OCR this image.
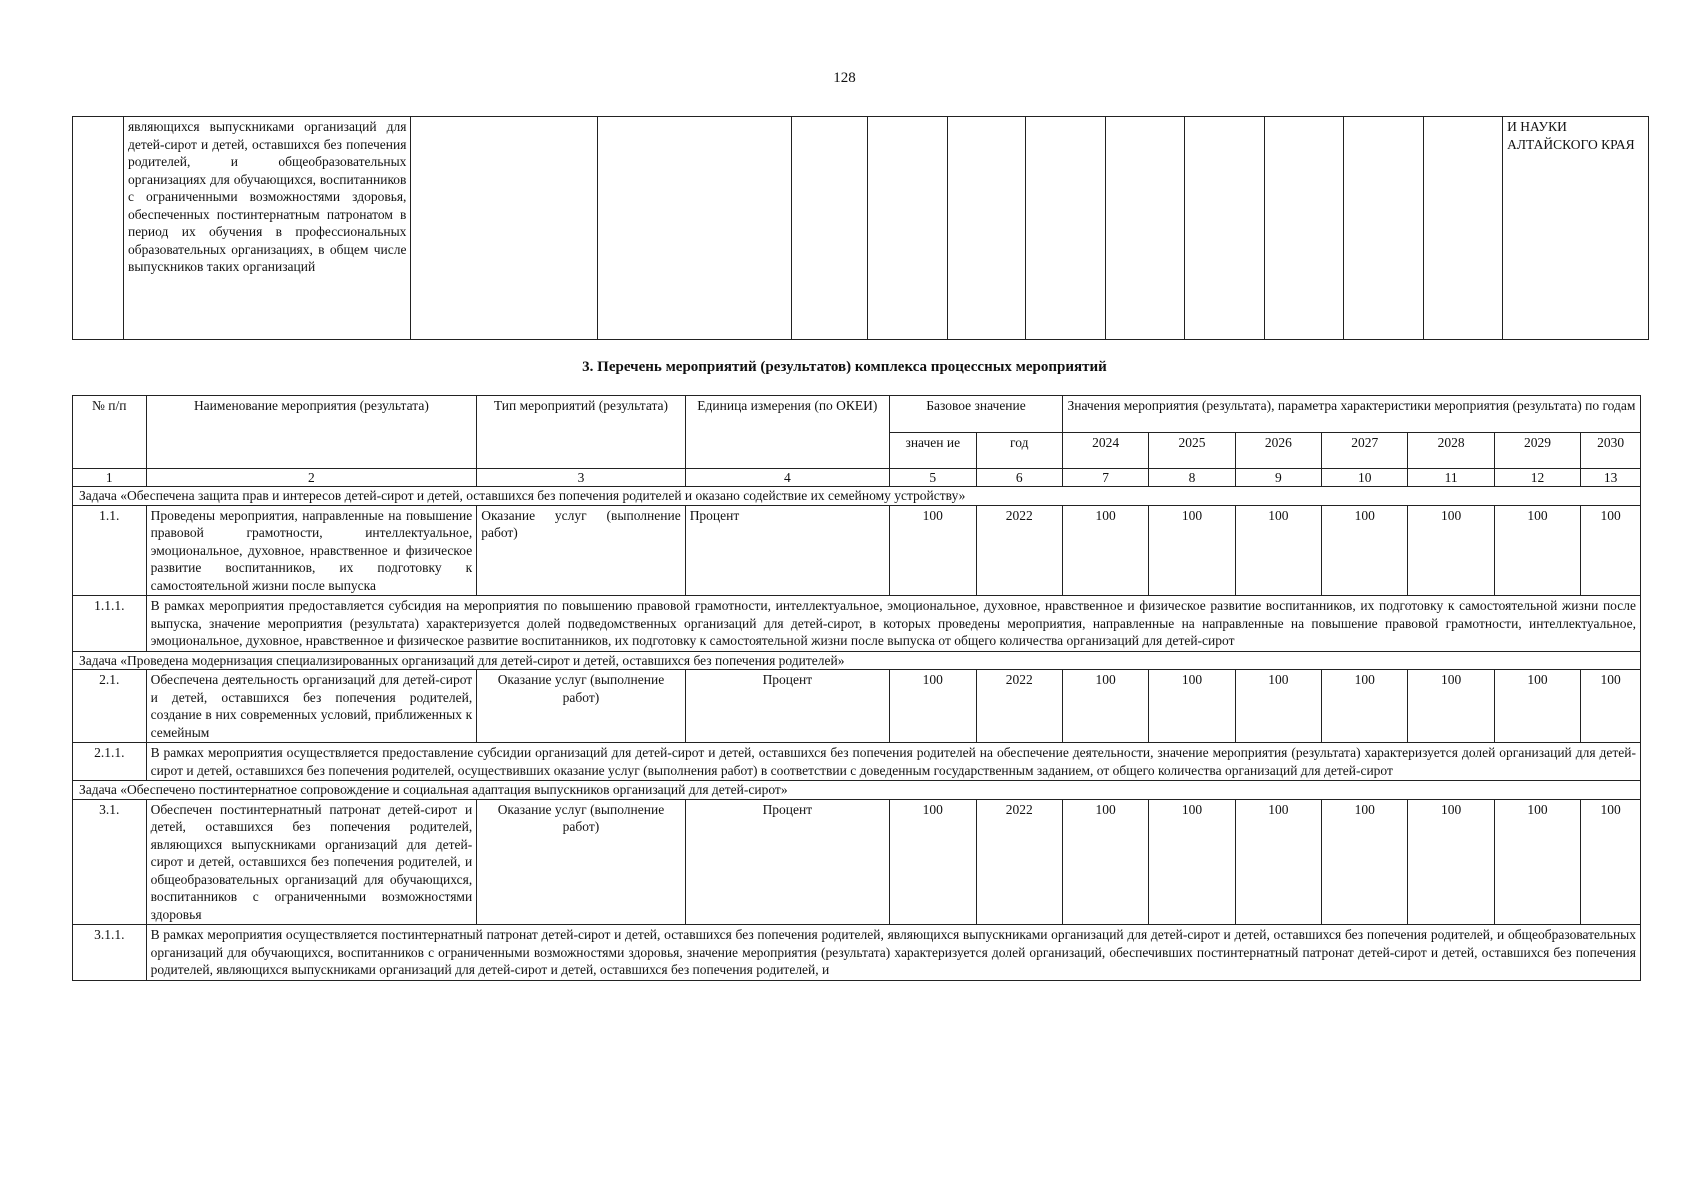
128
	являющихся выпускниками организаций для детей-сирот и детей, оставшихся без попечения родителей, и общеобразовательных организациях для обучающихся, воспитанников с ограниченными возможностями здоровья, обеспеченных постинтернатным патронатом в период их обучения в профессиональных образовательных организациях, в общем числе выпускников таких организаций												И НАУКИ АЛТАЙСКОГО КРАЯ
3. Перечень мероприятий (результатов) комплекса процессных мероприятий
№ п/п	Наименование мероприятия (результата)	Тип мероприятий (результата)	Единица измерения (по ОКЕИ)	Базовое значение		Значения мероприятия (результата), параметра характеристики мероприятия (результата) по годам						
				значен ие	год	2024	2025	2026	2027	2028	2029	2030
1	2	3	4	5	6	7	8	9	10	11	12	13
Задача «Обеспечена защита прав и интересов детей-сирот и детей, оставшихся без попечения родителей и оказано содействие их семейному устройству»												
1.1.	Проведены мероприятия, направленные на повышение правовой грамотности, интеллектуальное, эмоциональное, духовное, нравственное и физическое развитие воспитанников, их подготовку к самостоятельной жизни после выпуска	Оказание услуг (выполнение работ)	Процент	100	2022	100	100	100	100	100	100	100
1.1.1.	В рамках мероприятия предоставляется субсидия на мероприятия по повышению правовой грамотности, интеллектуальное, эмоциональное, духовное, нравственное и физическое развитие воспитанников, их подготовку к самостоятельной жизни после выпуска, значение мероприятия (результата) характеризуется долей подведомственных организаций для детей-сирот, в которых проведены мероприятия, направленные на направленные на повышение правовой грамотности, интеллектуальное, эмоциональное, духовное, нравственное и физическое развитие воспитанников, их подготовку к самостоятельной жизни после выпуска от общего количества организаций для детей-сирот											
Задача «Проведена модернизация специализированных организаций для детей-сирот и детей, оставшихся без попечения родителей»												
2.1.	Обеспечена деятельность организаций для детей-сирот и детей, оставшихся без попечения родителей, создание в них современных условий, приближенных к семейным	Оказание услуг (выполнение работ)	Процент	100	2022	100	100	100	100	100	100	100
2.1.1.	В рамках мероприятия осуществляется предоставление субсидии организаций для детей-сирот и детей, оставшихся без попечения родителей на обеспечение деятельности, значение мероприятия (результата) характеризуется долей организаций для детей-сирот и детей, оставшихся без попечения родителей, осуществивших оказание услуг (выполнения работ) в соответствии с доведенным государственным заданием, от общего количества организаций для детей-сирот											
Задача «Обеспечено постинтернатное сопровождение и социальная адаптация выпускников организаций для детей-сирот»												
3.1.	Обеспечен постинтернатный патронат детей-сирот и детей, оставшихся без попечения родителей, являющихся выпускниками организаций для детей-сирот и детей, оставшихся без попечения родителей, и общеобразовательных организаций для обучающихся, воспитанников с ограниченными возможностями здоровья	Оказание услуг (выполнение работ)	Процент	100	2022	100	100	100	100	100	100	100
3.1.1.	В рамках мероприятия осуществляется постинтернатный патронат детей-сирот и детей, оставшихся без попечения родителей, являющихся выпускниками организаций для детей-сирот и детей, оставшихся без попечения родителей, и общеобразовательных организаций для обучающихся, воспитанников с ограниченными возможностями здоровья, значение мероприятия (результата) характеризуется долей организаций, обеспечивших постинтернатный патронат детей-сирот и детей, оставшихся без попечения родителей, являющихся выпускниками организаций для детей-сирот и детей, оставшихся без попечения родителей, и											
